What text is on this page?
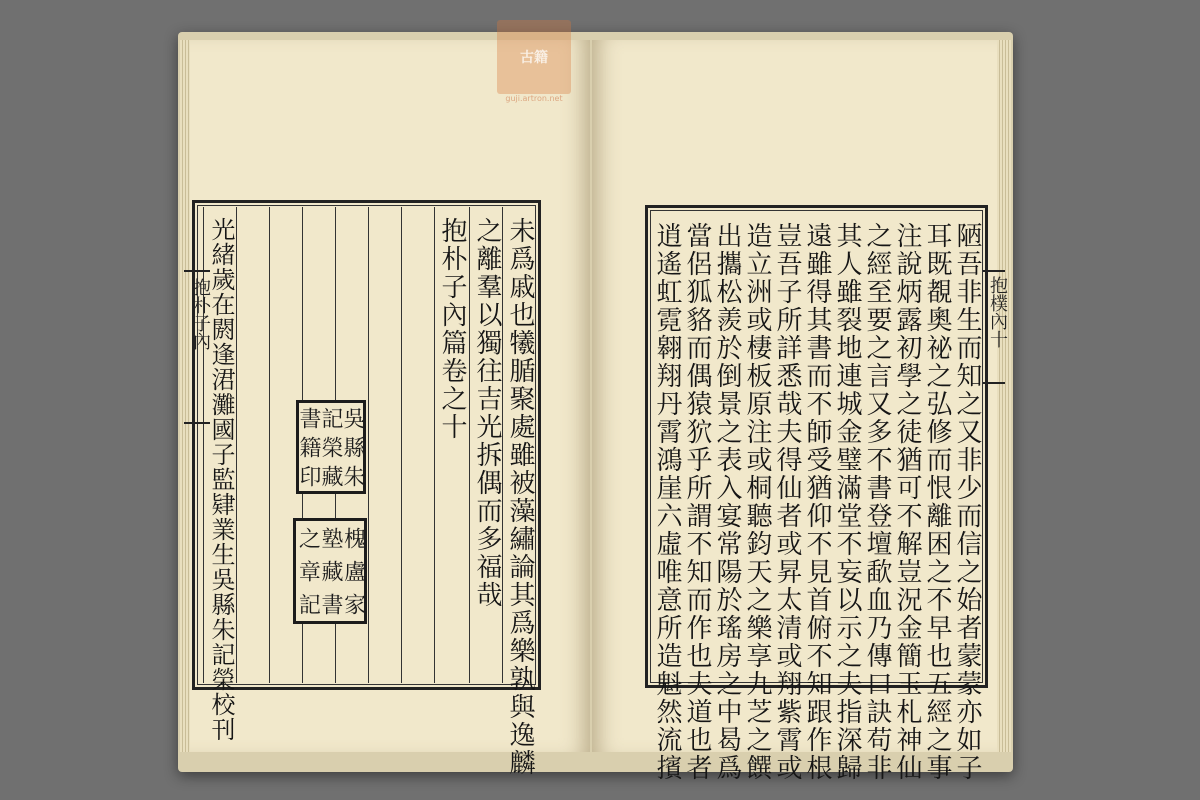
古籍
guji.artron.net
未爲戚也犧腯聚處雖被藻繡論其爲樂孰與逸麟
之離羣以獨往吉光拆偶而多福哉
抱朴子內篇卷之十
光緒歲在閼逢涒灘國子監肄業生吳縣朱記榮校刊	吳
縣
朱
記
榮
藏
書
籍
印
槐
盧
家
塾
藏
書
之
章
記	陋吾非生而知之又非少而信之始者蒙蒙亦如子
耳既覩奧祕之弘修而恨離困之不早也五經之事
注說炳露初學之徒猶可不解豈況金簡玉札神仙
之經至要之言又多不書登壇歃血乃傳口訣苟非
其人雖裂地連城金璧滿堂不妄以示之夫指深歸
遠雖得其書而不師受猶仰不見首俯不知跟作根
豈吾子所詳悉哉夫得仙者或昇太清或翔紫霄或
造立洲或棲板原注或桐聽鈞天之樂享九芝之饌
出攜松羨於倒景之表入宴常陽於瑤房之中曷爲
當侶狐貉而偶猿狖乎所謂不知而作也夫道也者
逍遙虹霓翱翔丹霄鴻崖六虛唯意所造魁然流擯
抱朴子內	抱樸內十
